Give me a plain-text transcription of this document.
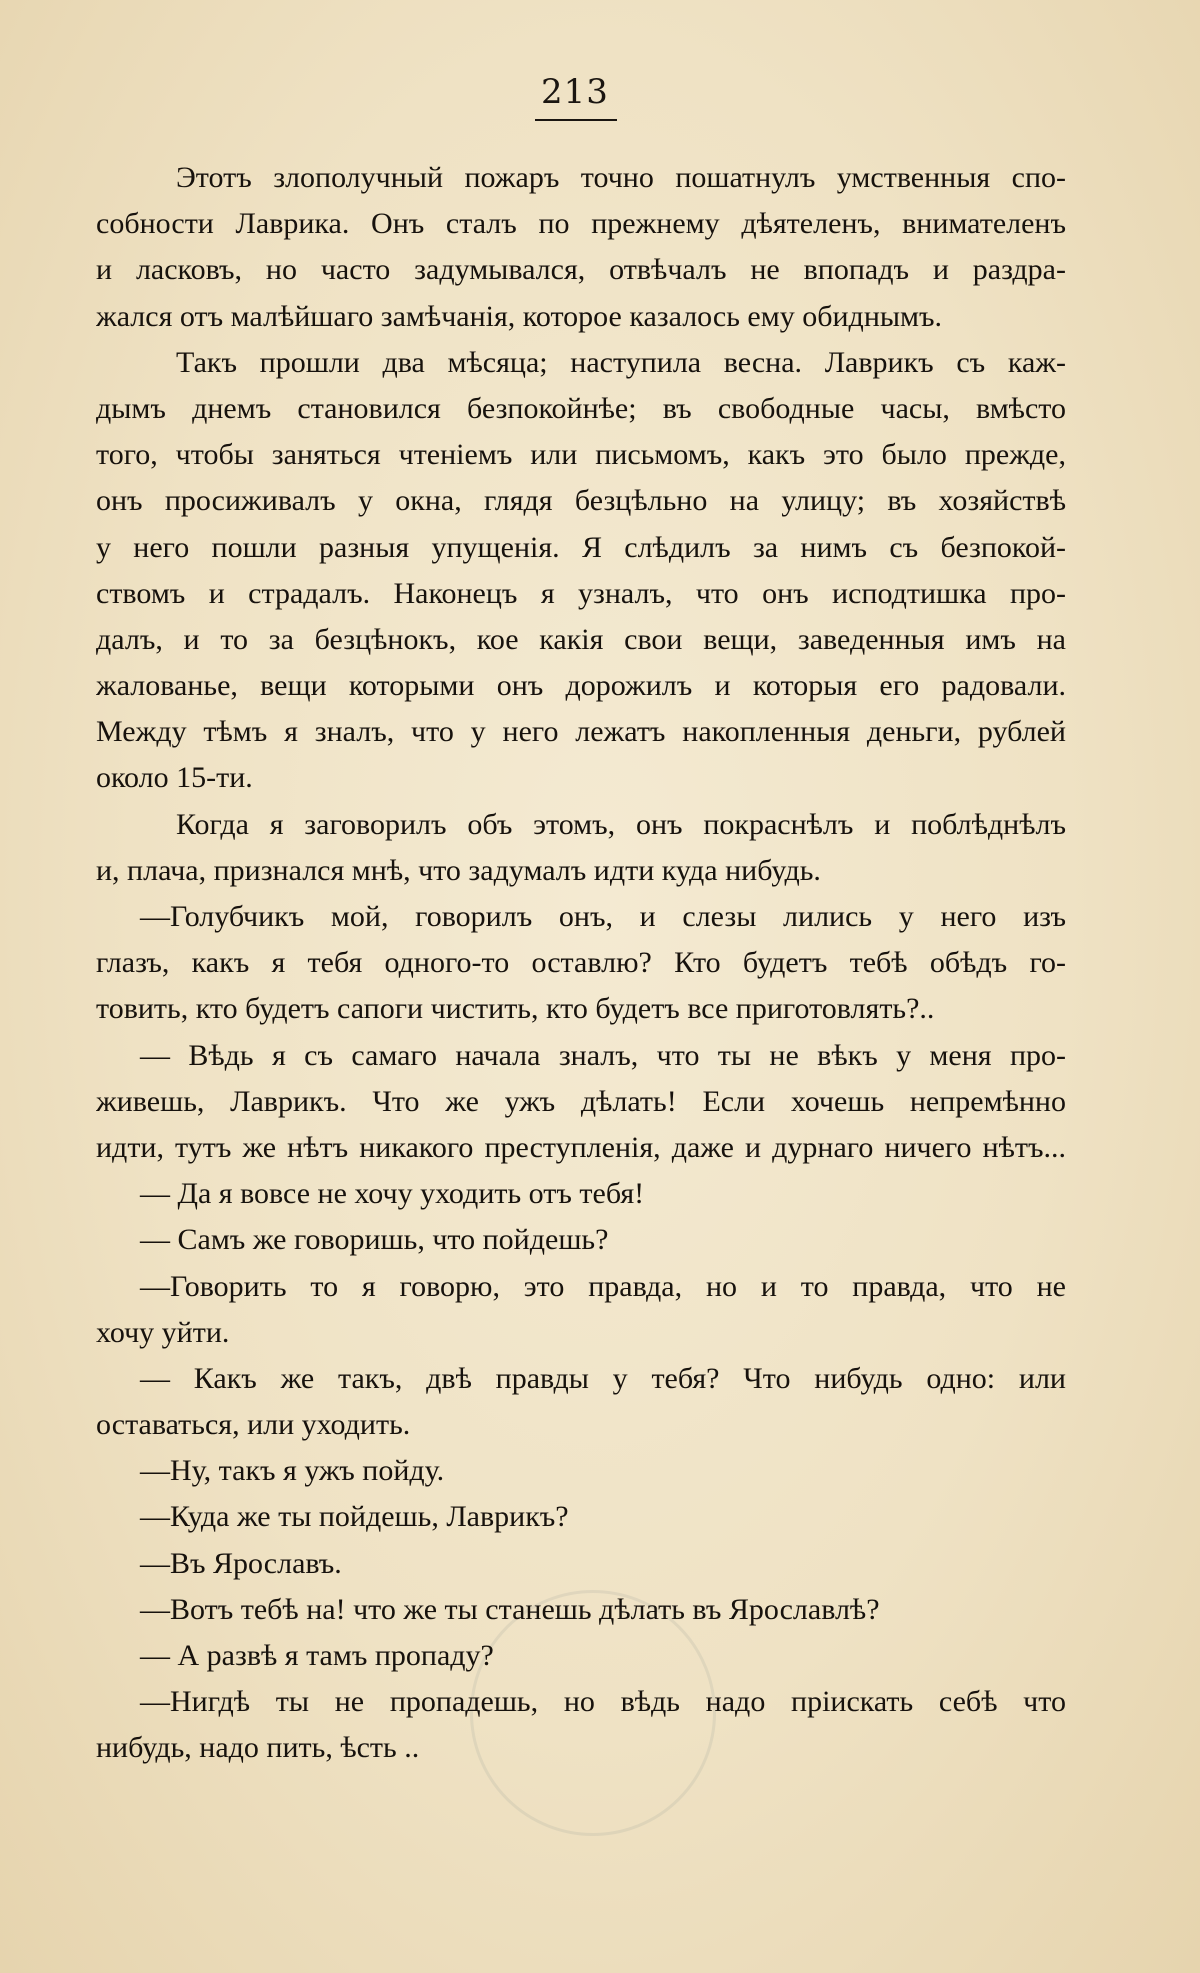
213
Этотъ злополучный пожаръ точно пошатнулъ умственныя спо-
собности Лаврика. Онъ сталъ по прежнему дѣятеленъ, внимателенъ
и ласковъ, но часто задумывался, отвѣчалъ не впопадъ и раздра-
жался отъ малѣйшаго замѣчанія, которое казалось ему обиднымъ.
Такъ прошли два мѣсяца; наступила весна. Лаврикъ съ каж-
дымъ днемъ становился безпокойнѣе; въ свободные часы, вмѣсто
того, чтобы заняться чтеніемъ или письмомъ, какъ это было прежде,
онъ просиживалъ у окна, глядя безцѣльно на улицу; въ хозяйствѣ
у него пошли разныя упущенія. Я слѣдилъ за нимъ съ безпокой-
ствомъ и страдалъ. Наконецъ я узналъ, что онъ исподтишка про-
далъ, и то за безцѣнокъ, кое какія свои вещи, заведенныя имъ на
жалованье, вещи которыми онъ дорожилъ и которыя его радовали.
Между тѣмъ я зналъ, что у него лежатъ накопленныя деньги, рублей
около 15-ти.
Когда я заговорилъ объ этомъ, онъ покраснѣлъ и поблѣднѣлъ
и, плача, признался мнѣ, что задумалъ идти куда нибудь.
—Голубчикъ мой, говорилъ онъ, и слезы лились у него изъ
глазъ, какъ я тебя одного-то оставлю? Кто будетъ тебѣ обѣдъ го-
товить, кто будетъ сапоги чистить, кто будетъ все приготовлять?..
— Вѣдь я съ самаго начала зналъ, что ты не вѣкъ у меня про-
живешь, Лаврикъ. Что же ужъ дѣлать! Если хочешь непремѣнно
идти, тутъ же нѣтъ никакого преступленія, даже и дурнаго ничего нѣтъ...
— Да я вовсе не хочу уходить отъ тебя!
— Самъ же говоришь, что пойдешь?
—Говорить то я говорю, это правда, но и то правда, что не
хочу уйти.
— Какъ же такъ, двѣ правды у тебя? Что нибудь одно: или
оставаться, или уходить.
—Ну, такъ я ужъ пойду.
—Куда же ты пойдешь, Лаврикъ?
—Въ Ярославъ.
—Вотъ тебѣ на! что же ты станешь дѣлать въ Ярославлѣ?
— А развѣ я тамъ пропаду?
—Нигдѣ ты не пропадешь, но вѣдь надо пріискать себѣ что
нибудь, надо пить, ѣсть ..
